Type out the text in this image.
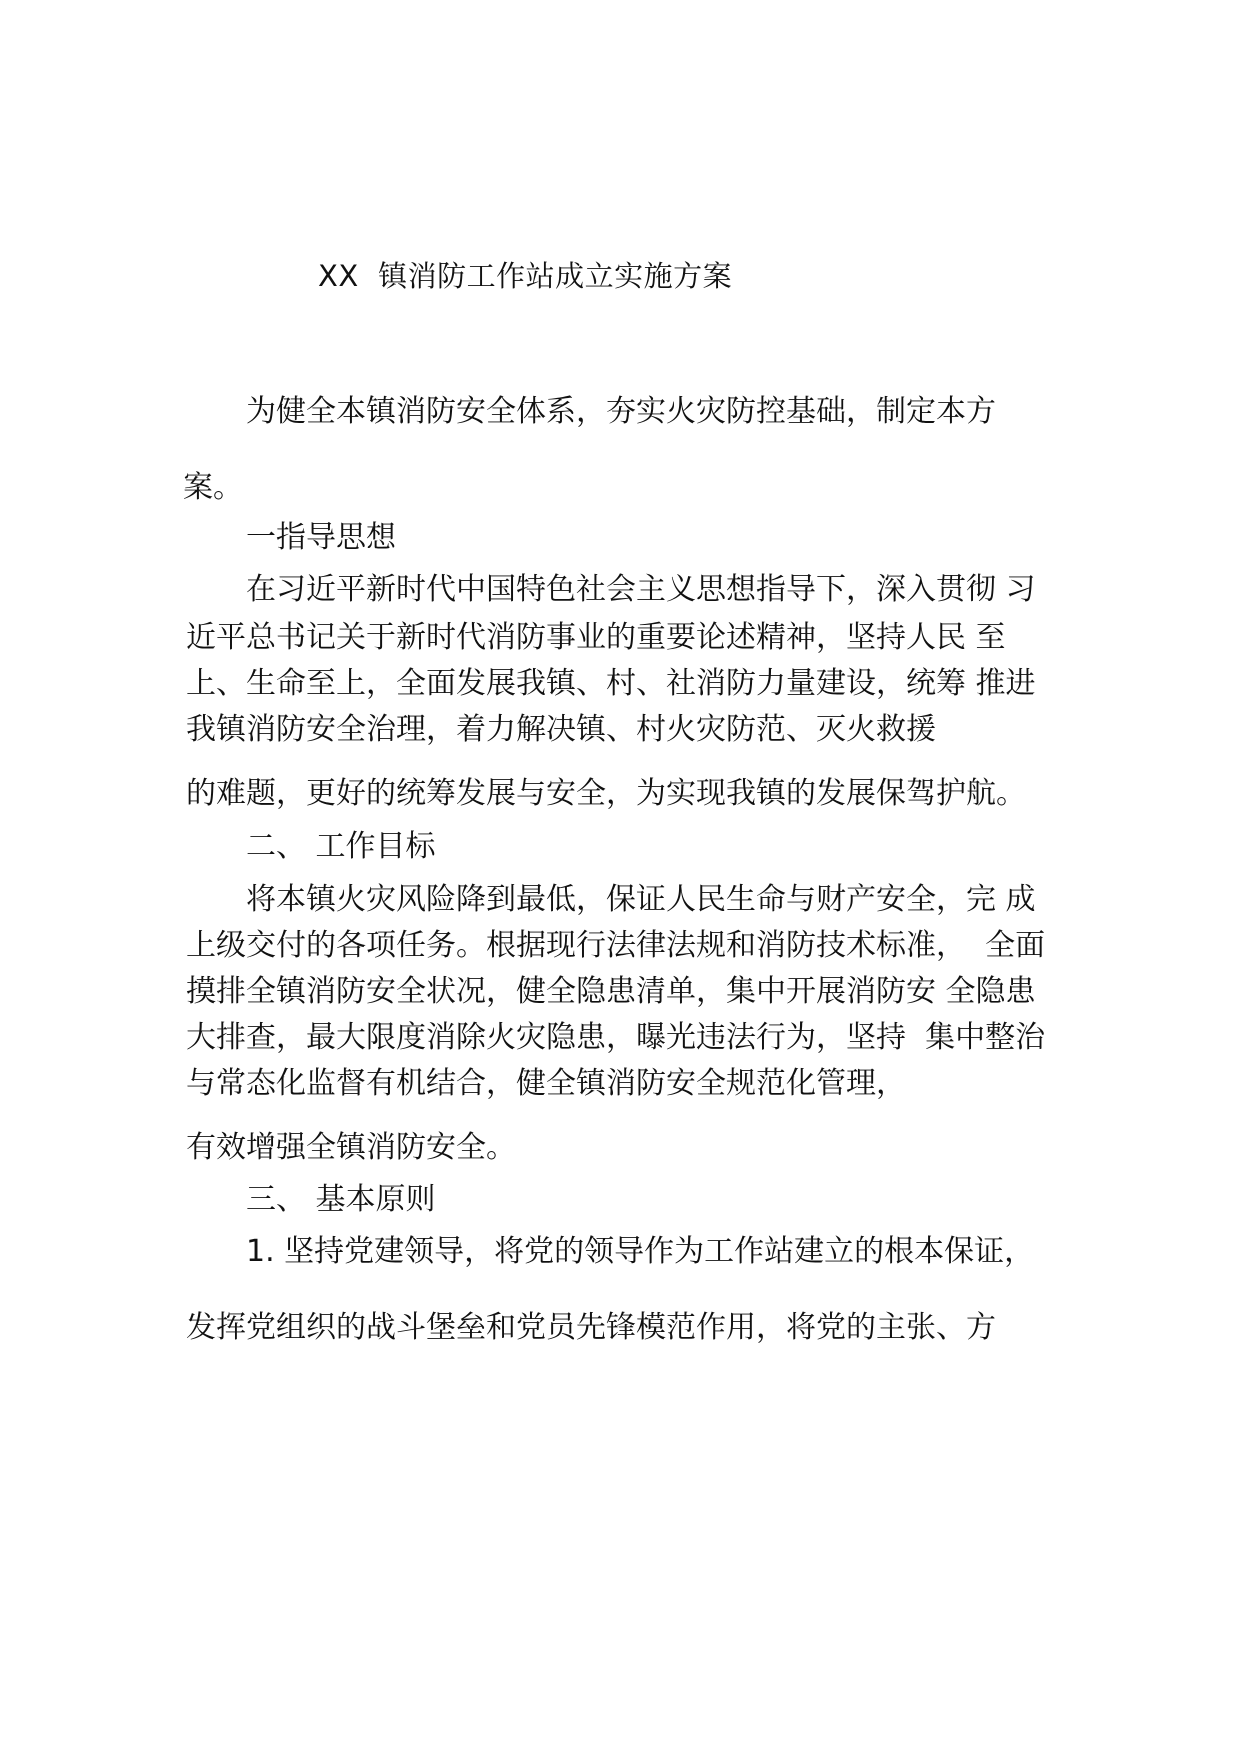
XX  镇消防工作站成立实施方案
为健全本镇消防安全体系，夯实火灾防控基础，制定本方
案。
一指导思想
在习近平新时代中国特色社会主义思想指导下，深入贯彻 习
近平总书记关于新时代消防事业的重要论述精神，坚持人民 至
上、生命至上，全面发展我镇、村、社消防力量建设，统筹 推进
我镇消防安全治理，着力解决镇、村火灾防范、灭火救援
的难题，更好的统筹发展与安全，为实现我镇的发展保驾护航。
二、 工作目标
将本镇火灾风险降到最低，保证人民生命与财产安全，完 成
上级交付的各项任务。根据现行法律法规和消防技术标准，  全面
摸排全镇消防安全状况，健全隐患清单，集中开展消防安 全隐患
大排查，最大限度消除火灾隐患，曝光违法行为，坚持  集中整治
与常态化监督有机结合，健全镇消防安全规范化管理，
有效增强全镇消防安全。
三、 基本原则
1. 坚持党建领导，将党的领导作为工作站建立的根本保证，
发挥党组织的战斗堡垒和党员先锋模范作用，将党的主张、方
